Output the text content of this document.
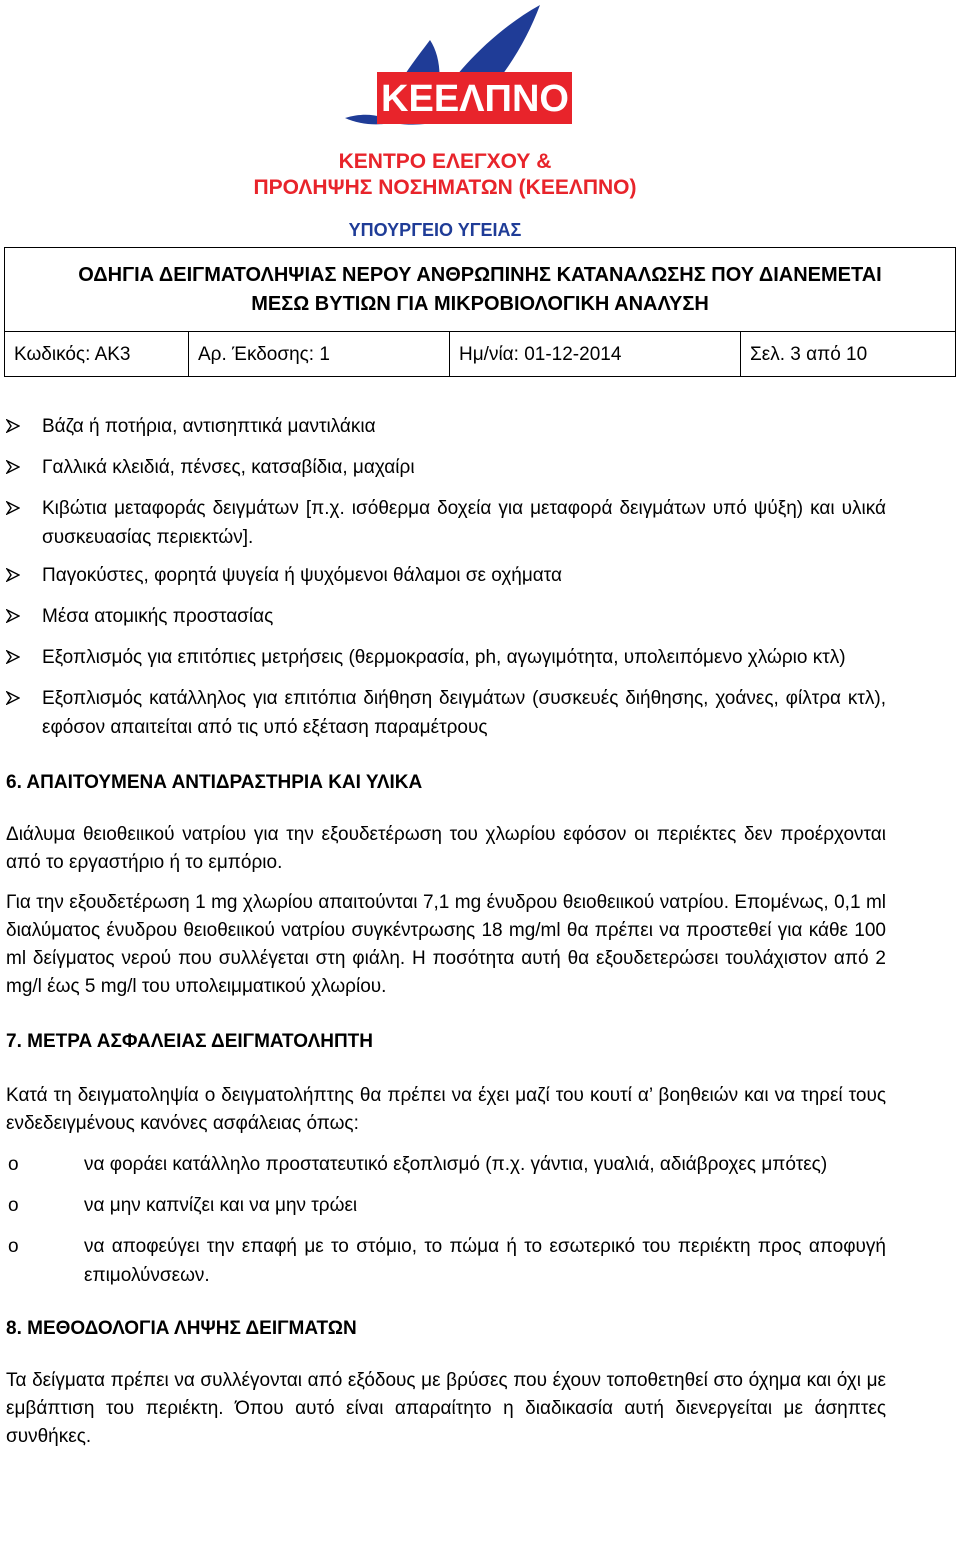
ΚΕΕΛΠΝΟ
ΚΕΝΤΡΟ ΕΛΕΓΧΟΥ &
ΠΡΟΛΗΨΗΣ ΝΟΣΗΜΑΤΩΝ (ΚΕΕΛΠΝΟ)
ΥΠΟΥΡΓΕΙΟ ΥΓΕΙΑΣ
ΟΔΗΓΙΑ ΔΕΙΓΜΑΤΟΛΗΨΙΑΣ ΝΕΡΟΥ ΑΝΘΡΩΠΙΝΗΣ ΚΑΤΑΝΑΛΩΣΗΣ ΠΟΥ ΔΙΑΝΕΜΕΤΑΙ
ΜΕΣΩ ΒΥΤΙΩΝ ΓΙΑ ΜΙΚΡΟΒΙΟΛΟΓΙΚΗ ΑΝΑΛΥΣΗ
Κωδικός: ΑΚ3	Αρ. Έκδοσης: 1	Ημ/νία: 01-12-2014	Σελ. 3 από 10
Βάζα ή ποτήρια, αντισηπτικά μαντιλάκια
Γαλλικά κλειδιά, πένσες, κατσαβίδια, μαχαίρι
Κιβώτια μεταφοράς δειγμάτων [π.χ. ισόθερμα δοχεία για μεταφορά δειγμάτων υπό ψύξη) και υλικά συσκευασίας περιεκτών].
Παγοκύστες, φορητά ψυγεία ή ψυχόμενοι θάλαμοι σε οχήματα
Μέσα ατομικής προστασίας
Εξοπλισμός για επιτόπιες μετρήσεις (θερμοκρασία, ph, αγωγιμότητα, υπολειπόμενο χλώριο κτλ)
Εξοπλισμός κατάλληλος για επιτόπια διήθηση δειγμάτων (συσκευές διήθησης, χοάνες, φίλτρα κτλ), εφόσον απαιτείται από τις υπό εξέταση παραμέτρους
6. ΑΠΑΙΤΟΥΜΕΝΑ ΑΝΤΙΔΡΑΣΤΗΡΙΑ ΚΑΙ ΥΛΙΚΑ
Διάλυμα θειοθειικού νατρίου για την εξουδετέρωση του χλωρίου εφόσον οι περιέκτες δεν προέρχονται από το εργαστήριο ή το εμπόριο.
Για την εξουδετέρωση 1 mg χλωρίου απαιτούνται 7,1 mg ένυδρου θειοθειικού νατρίου. Επομένως, 0,1 ml διαλύματος ένυδρου θειοθειικού νατρίου συγκέντρωσης 18 mg/ml θα πρέπει να προστεθεί για κάθε 100 ml δείγματος νερού που συλλέγεται στη φιάλη. Η ποσότητα αυτή θα εξουδετερώσει τουλάχιστον από 2 mg/l έως 5 mg/l του υπολειμματικού χλωρίου.
7. ΜΕΤΡΑ ΑΣΦΑΛΕΙΑΣ ΔΕΙΓΜΑΤΟΛΗΠΤΗ
Κατά τη δειγματοληψία ο δειγματολήπτης θα πρέπει να έχει μαζί του κουτί α’ βοηθειών και να τηρεί τους ενδεδειγμένους κανόνες ασφάλειας όπως:
o	να φοράει κατάλληλο προστατευτικό εξοπλισμό (π.χ. γάντια, γυαλιά, αδιάβροχες μπότες)
o	να μην καπνίζει και να μην τρώει
o	να αποφεύγει την επαφή με το στόμιο, το πώμα ή το εσωτερικό του περιέκτη προς αποφυγή επιμολύνσεων.
8. ΜΕΘΟΔΟΛΟΓΙΑ ΛΗΨΗΣ ΔΕΙΓΜΑΤΩΝ
Τα δείγματα πρέπει να συλλέγονται από εξόδους με βρύσες που έχουν τοποθετηθεί στο όχημα και όχι με εμβάπτιση του περιέκτη. Όπου αυτό είναι απαραίτητο η διαδικασία αυτή διενεργείται με άσηπτες συνθήκες.
